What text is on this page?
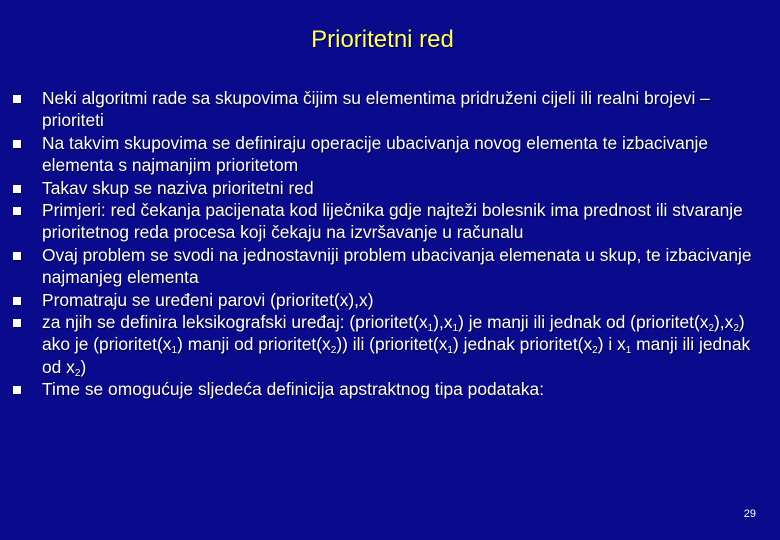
Prioritetni red
Neki algoritmi rade sa skupovima čijim su elementima pridruženi cijeli ili realni brojevi – prioriteti
Na takvim skupovima se definiraju operacije ubacivanja novog elementa te izbacivanje elementa s najmanjim prioritetom
Takav skup se naziva prioritetni red
Primjeri: red čekanja pacijenata kod liječnika gdje najteži bolesnik ima prednost ili stvaranje prioritetnog reda procesa koji čekaju na izvršavanje u računalu
Ovaj problem se svodi na jednostavniji problem ubacivanja elemenata u skup, te izbacivanje najmanjeg elementa
Promatraju se uređeni parovi (prioritet(x),x)
za njih se definira leksikografski uređaj: $(prioritet(x_1),x_1)$ je manji ili jednak od $(prioritet(x_2),x_2)$ ako je ($prioritet(x_1)$ manji od $prioritet(x_2)$) ili ($prioritet(x_1)$ jednak $prioritet(x_2)$ i $x_1$ manji ili jednak od $x_2$)
Time se omogućuje sljedeća definicija apstraktnog tipa podataka:
29
